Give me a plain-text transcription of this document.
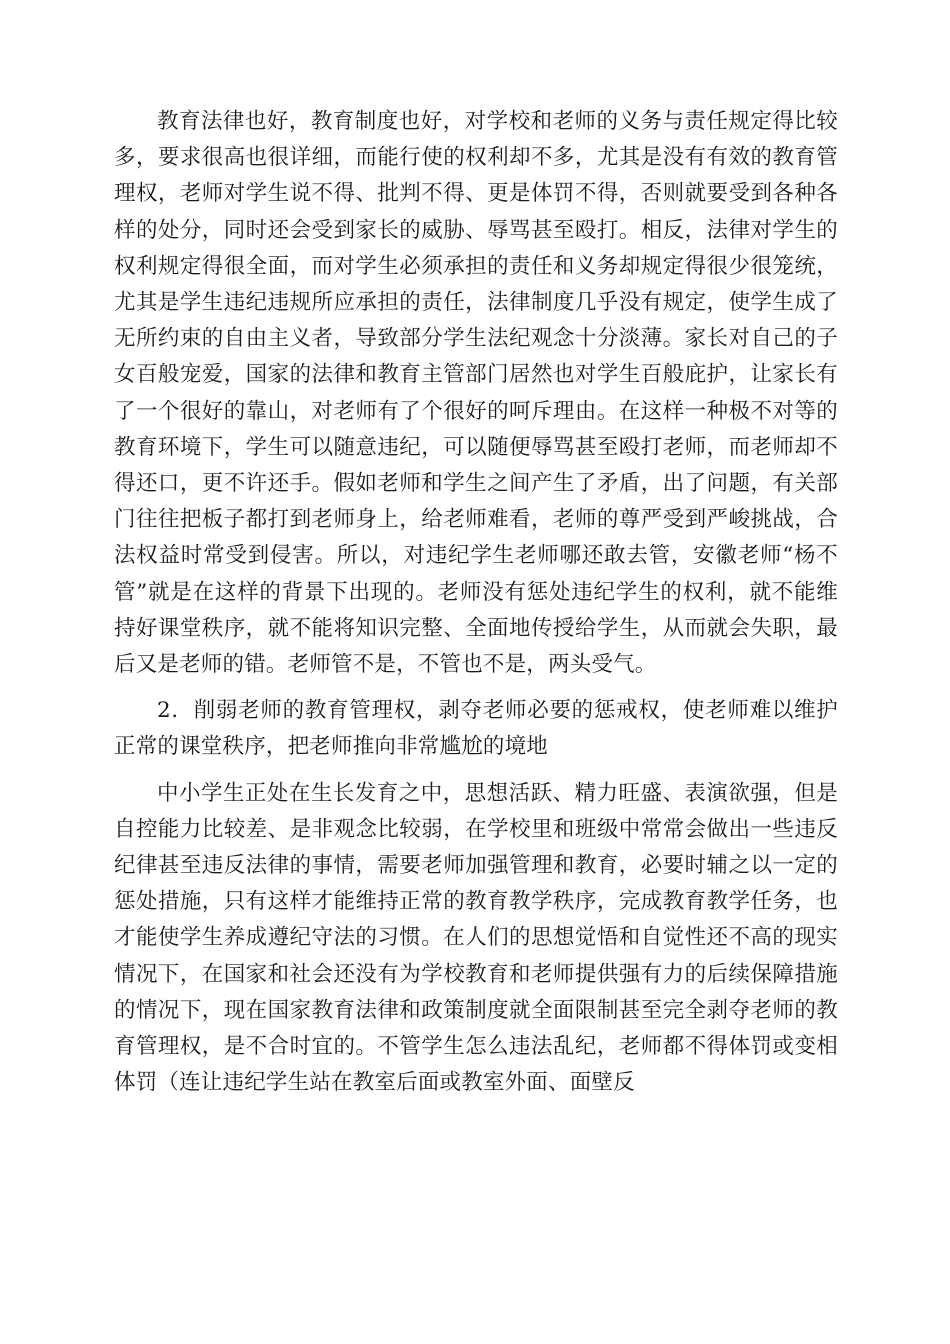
教育法律也好，教育制度也好，对学校和老师的义务与责任规定得比较多，要求很高也很详细，而能行使的权利却不多，尤其是没有有效的教育管理权，老师对学生说不得、批判不得、更是体罚不得，否则就要受到各种各样的处分，同时还会受到家长的威胁、辱骂甚至殴打。相反，法律对学生的权利规定得很全面，而对学生必须承担的责任和义务却规定得很少很笼统，尤其是学生违纪违规所应承担的责任，法律制度几乎没有规定，使学生成了无所约束的自由主义者，导致部分学生法纪观念十分淡薄。家长对自己的子女百般宠爱，国家的法律和教育主管部门居然也对学生百般庇护，让家长有了一个很好的靠山，对老师有了个很好的呵斥理由。在这样一种极不对等的教育环境下，学生可以随意违纪，可以随便辱骂甚至殴打老师，而老师却不得还口，更不许还手。假如老师和学生之间产生了矛盾，出了问题，有关部门往往把板子都打到老师身上，给老师难看，老师的尊严受到严峻挑战，合法权益时常受到侵害。所以，对违纪学生老师哪还敢去管，安徽老师“杨不管”就是在这样的背景下出现的。老师没有惩处违纪学生的权利，就不能维持好课堂秩序，就不能将知识完整、全面地传授给学生，从而就会失职，最后又是老师的错。老师管不是，不管也不是，两头受气。

2．削弱老师的教育管理权，剥夺老师必要的惩戒权，使老师难以维护正常的课堂秩序，把老师推向非常尴尬的境地

中小学生正处在生长发育之中，思想活跃、精力旺盛、表演欲强，但是自控能力比较差、是非观念比较弱，在学校里和班级中常常会做出一些违反纪律甚至违反法律的事情，需要老师加强管理和教育，必要时辅之以一定的惩处措施，只有这样才能维持正常的教育教学秩序，完成教育教学任务，也才能使学生养成遵纪守法的习惯。在人们的思想觉悟和自觉性还不高的现实情况下，在国家和社会还没有为学校教育和老师提供强有力的后续保障措施的情况下，现在国家教育法律和政策制度就全面限制甚至完全剥夺老师的教育管理权，是不合时宜的。不管学生怎么违法乱纪，老师都不得体罚或变相体罚（连让违纪学生站在教室后面或教室外面、面壁反
